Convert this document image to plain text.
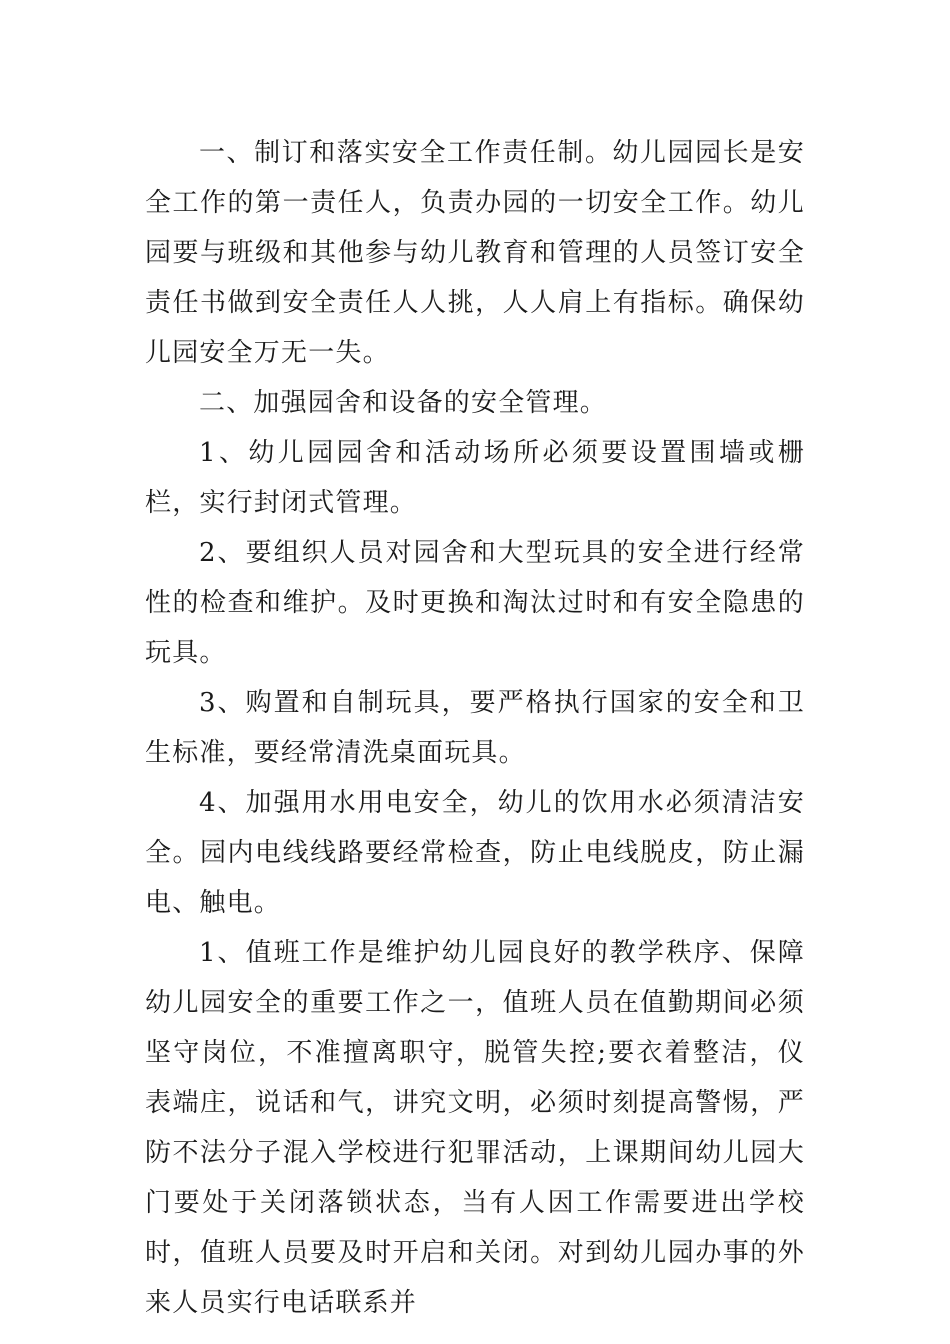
一、制订和落实安全工作责任制。幼儿园园长是安全工作的第一责任人，负责办园的一切安全工作。幼儿园要与班级和其他参与幼儿教育和管理的人员签订安全责任书做到安全责任人人挑，人人肩上有指标。确保幼儿园安全万无一失。

二、加强园舍和设备的安全管理。

1、幼儿园园舍和活动场所必须要设置围墙或栅栏，实行封闭式管理。

2、要组织人员对园舍和大型玩具的安全进行经常性的检查和维护。及时更换和淘汰过时和有安全隐患的玩具。

3、购置和自制玩具，要严格执行国家的安全和卫生标准，要经常清洗桌面玩具。

4、加强用水用电安全，幼儿的饮用水必须清洁安全。园内电线线路要经常检查，防止电线脱皮，防止漏电、触电。

1、值班工作是维护幼儿园良好的教学秩序、保障幼儿园安全的重要工作之一，值班人员在值勤期间必须坚守岗位，不准擅离职守，脱管失控;要衣着整洁，仪表端庄，说话和气，讲究文明，必须时刻提高警惕，严防不法分子混入学校进行犯罪活动，上课期间幼儿园大门要处于关闭落锁状态，当有人因工作需要进出学校时，值班人员要及时开启和关闭。对到幼儿园办事的外来人员实行电话联系并
